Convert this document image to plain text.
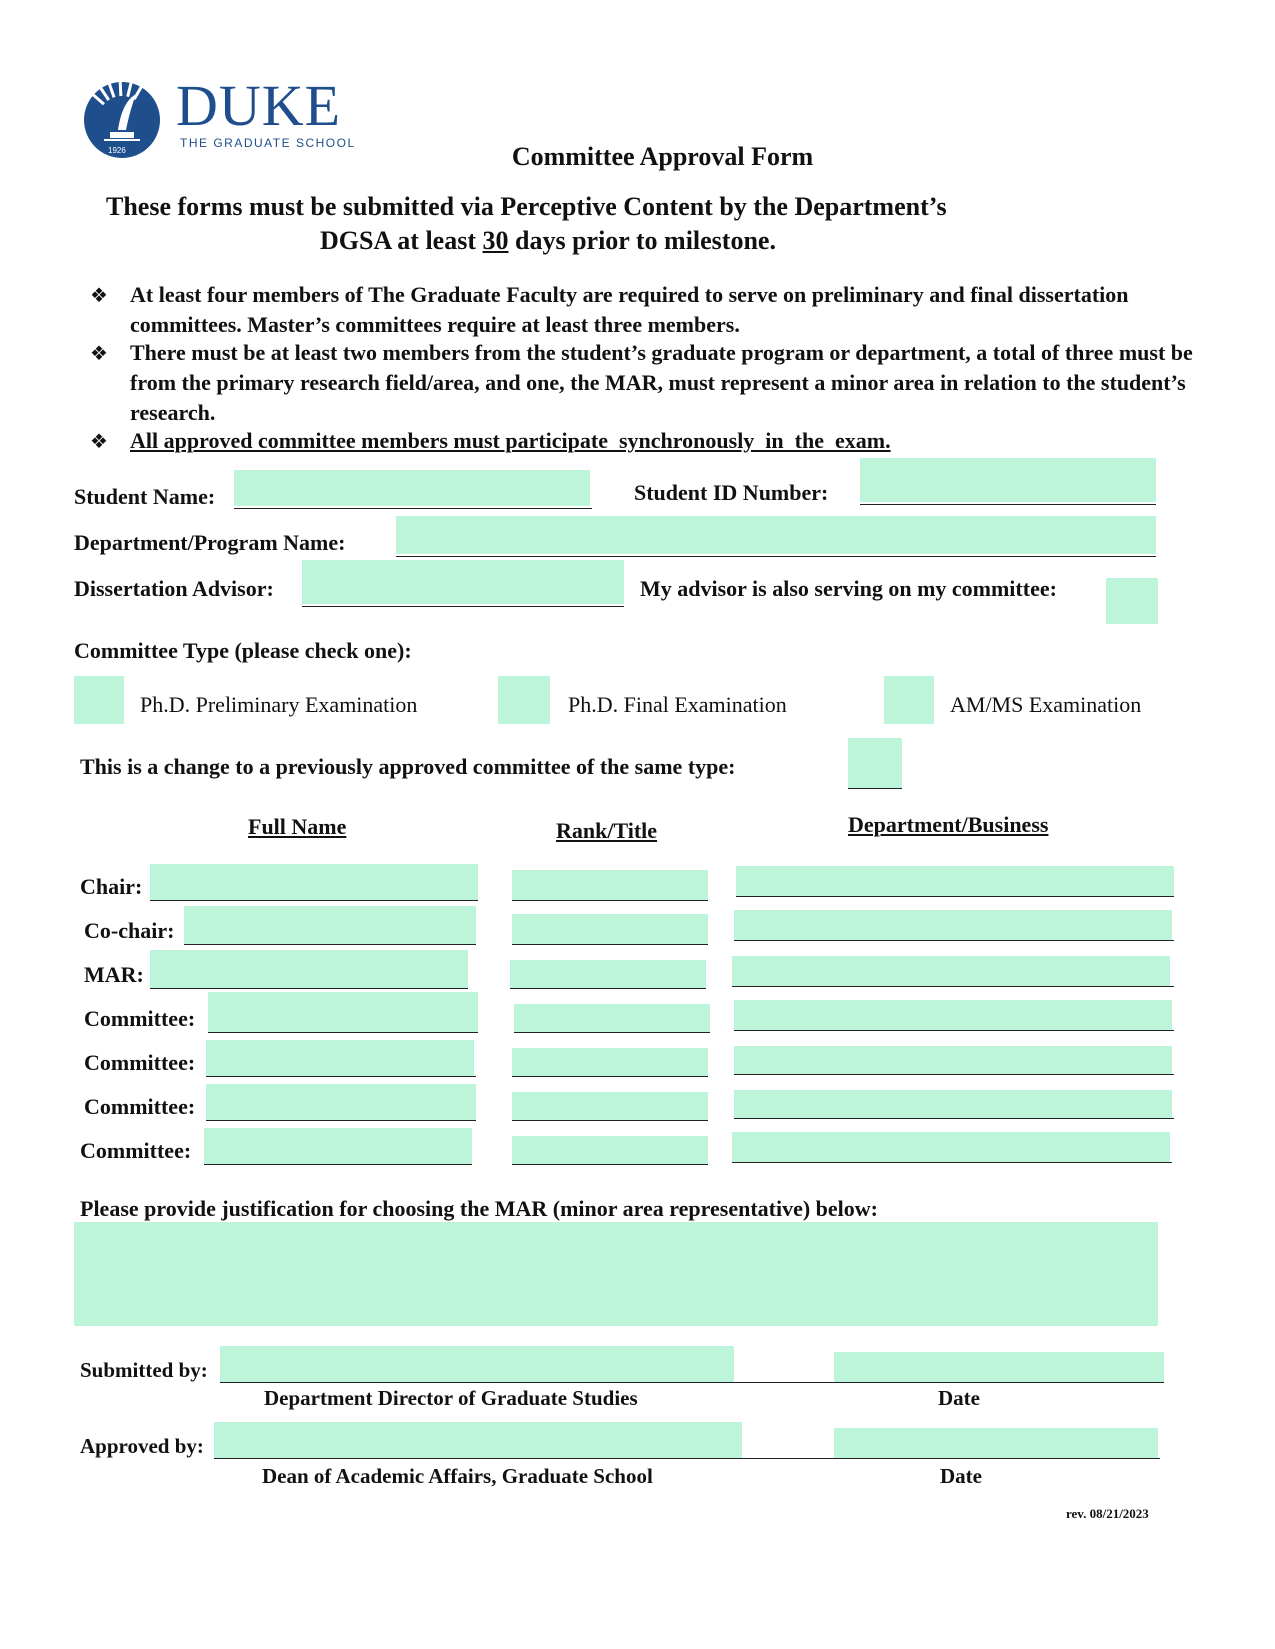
1926
DUKE
THE GRADUATE SCHOOL	Committee Approval Form
These forms must be submitted via Perceptive Content by the Department’s
DGSA at least 30 days prior to milestone.
❖ At least four members of The Graduate Faculty are required to serve on preliminary and final dissertation committees. Master’s committees require at least three members.
❖ There must be at least two members from the student’s graduate program or department, a total of three must be from the primary research field/area, and one, the MAR, must represent a minor area in relation to the student’s research.
❖ All approved committee members must participate  synchronously  in  the  exam.
Student Name:	Student ID Number:
Department/Program Name:
Dissertation Advisor:	My advisor is also serving on my committee:
Committee Type (please check one):
Ph.D. Preliminary Examination	Ph.D. Final Examination	AM/MS Examination
This is a change to a previously approved committee of the same type:
Full Name	Rank/Title	Department/Business
Chair:
Co-chair:
MAR:
Committee:
Committee:
Committee:
Committee:
Please provide justification for choosing the MAR (minor area representative) below:
Submitted by:
Department Director of Graduate Studies	Date
Approved by:
Dean of Academic Affairs, Graduate School	Date
rev. 08/21/2023
